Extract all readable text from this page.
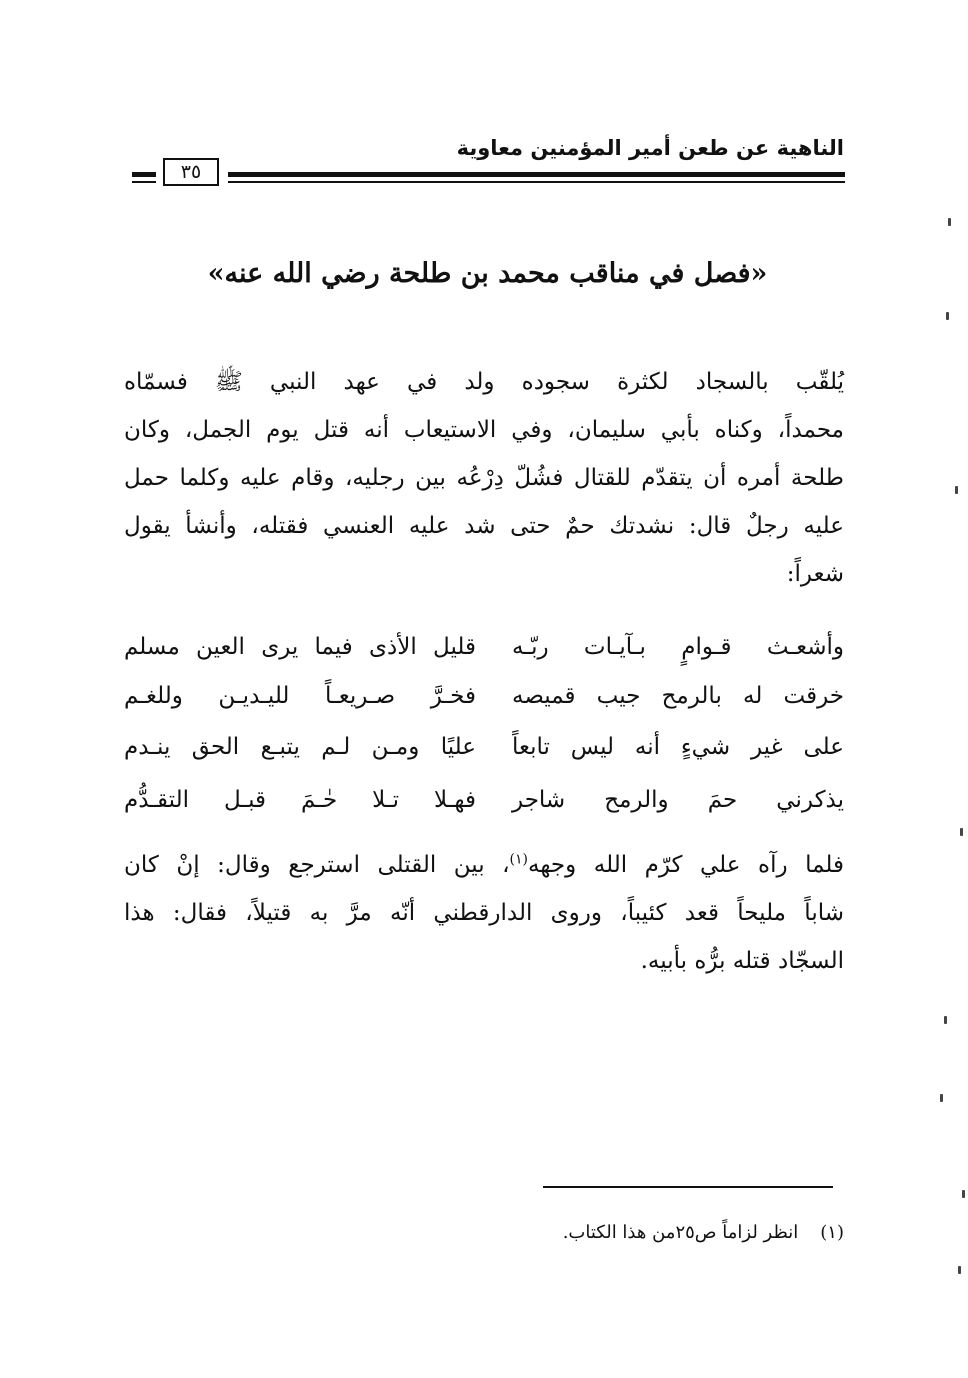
الناهية عن طعن أمير المؤمنين معاوية
٣٥
«فصل في مناقب محمد بن طلحة رضي الله عنه»
يُلقّب بالسجاد لكثرة سجوده ولد في عهد النبي ﷺ فسمّاه
محمداً، وكناه بأبي سليمان، وفي الاستيعاب أنه قتل يوم الجمل، وكان
طلحة أمره أن يتقدّم للقتال فشُلّ دِرْعُه بين رجليه، وقام عليه وكلما حمل
عليه رجلٌ قال: نشدتك حمٌ حتى شد عليه العنسي فقتله، وأنشأ يقول
شعراً:
وأشعـث قـوامٍ بـآيـات ربّـه
قليل الأذى فيما يرى العين مسلم
خرقت له بالرمح جيب قميصه
فخـرَّ صـريعـاً لليـديـن وللغـم
على غير شيءٍ أنه ليس تابعاً
عليًا ومـن لـم يتبـع الحق ينـدم
يذكرني حمَ والرمح شاجر
فهـلا تـلا حٰـمَ قبـل التقـدُّم
فلما رآه علي كرّم الله وجهه$^{(١)}$، بين القتلى استرجع وقال: إنْ كان
شاباً مليحاً قعد كئيباً، وروى الدارقطني أنّه مرَّ به قتيلاً، فقال: هذا
السجّاد قتله برُّه بأبيه.
(١)انظر لزاماً ص٢٥من هذا الكتاب.
